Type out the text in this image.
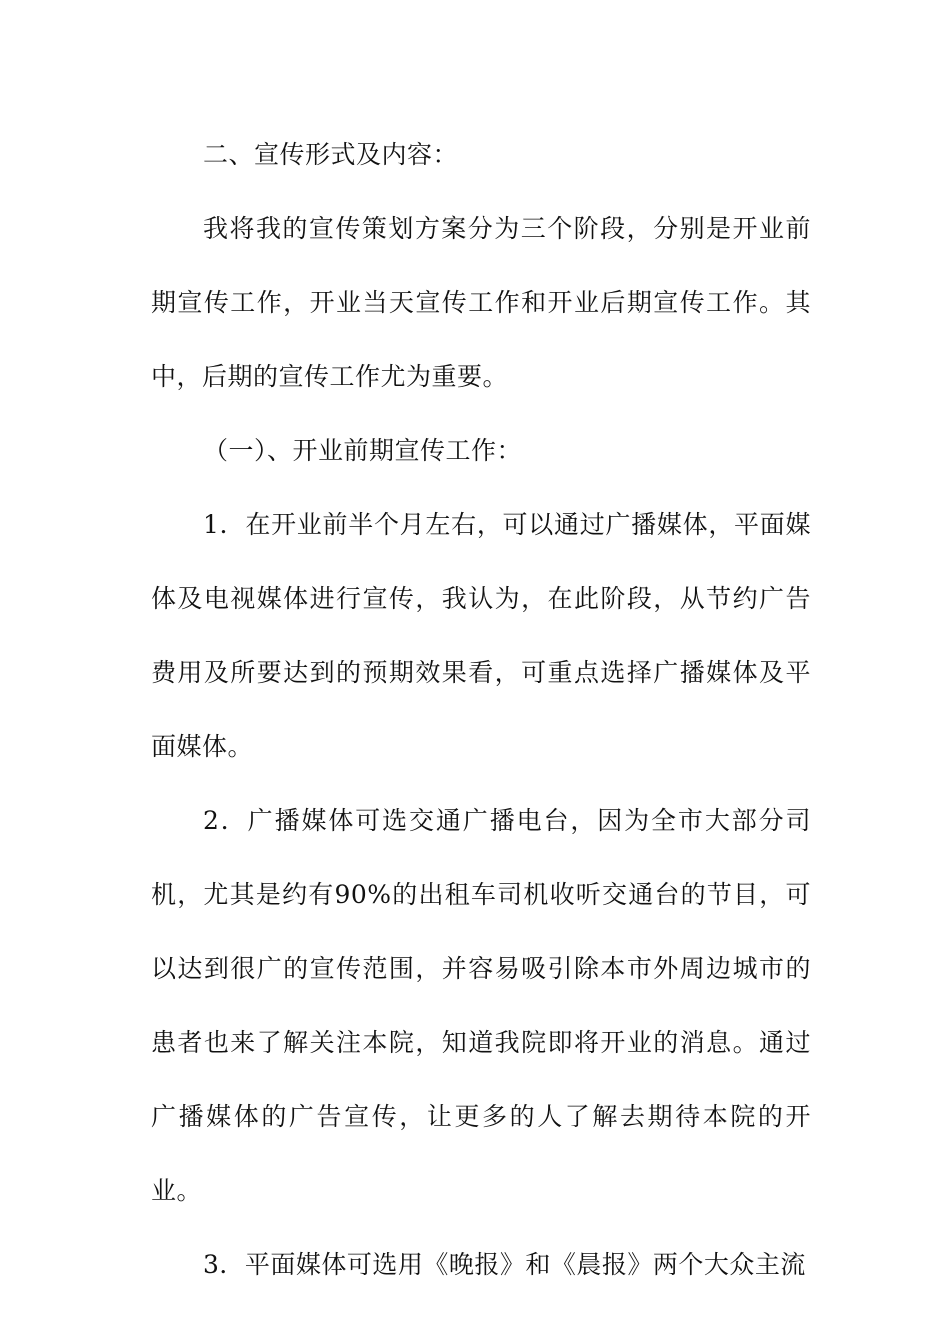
二、宣传形式及内容：

我将我的宣传策划方案分为三个阶段，分别是开业前期宣传工作，开业当天宣传工作和开业后期宣传工作。其中，后期的宣传工作尤为重要。

（一）、开业前期宣传工作：

1．在开业前半个月左右，可以通过广播媒体，平面媒体及电视媒体进行宣传，我认为，在此阶段，从节约广告费用及所要达到的预期效果看，可重点选择广播媒体及平面媒体。

2．广播媒体可选交通广播电台，因为全市大部分司机，尤其是约有90%的出租车司机收听交通台的节目，可以达到很广的宣传范围，并容易吸引除本市外周边城市的患者也来了解关注本院，知道我院即将开业的消息。通过广播媒体的广告宣传，让更多的人了解去期待本院的开业。

3．平面媒体可选用《晚报》和《晨报》两个大众主流
